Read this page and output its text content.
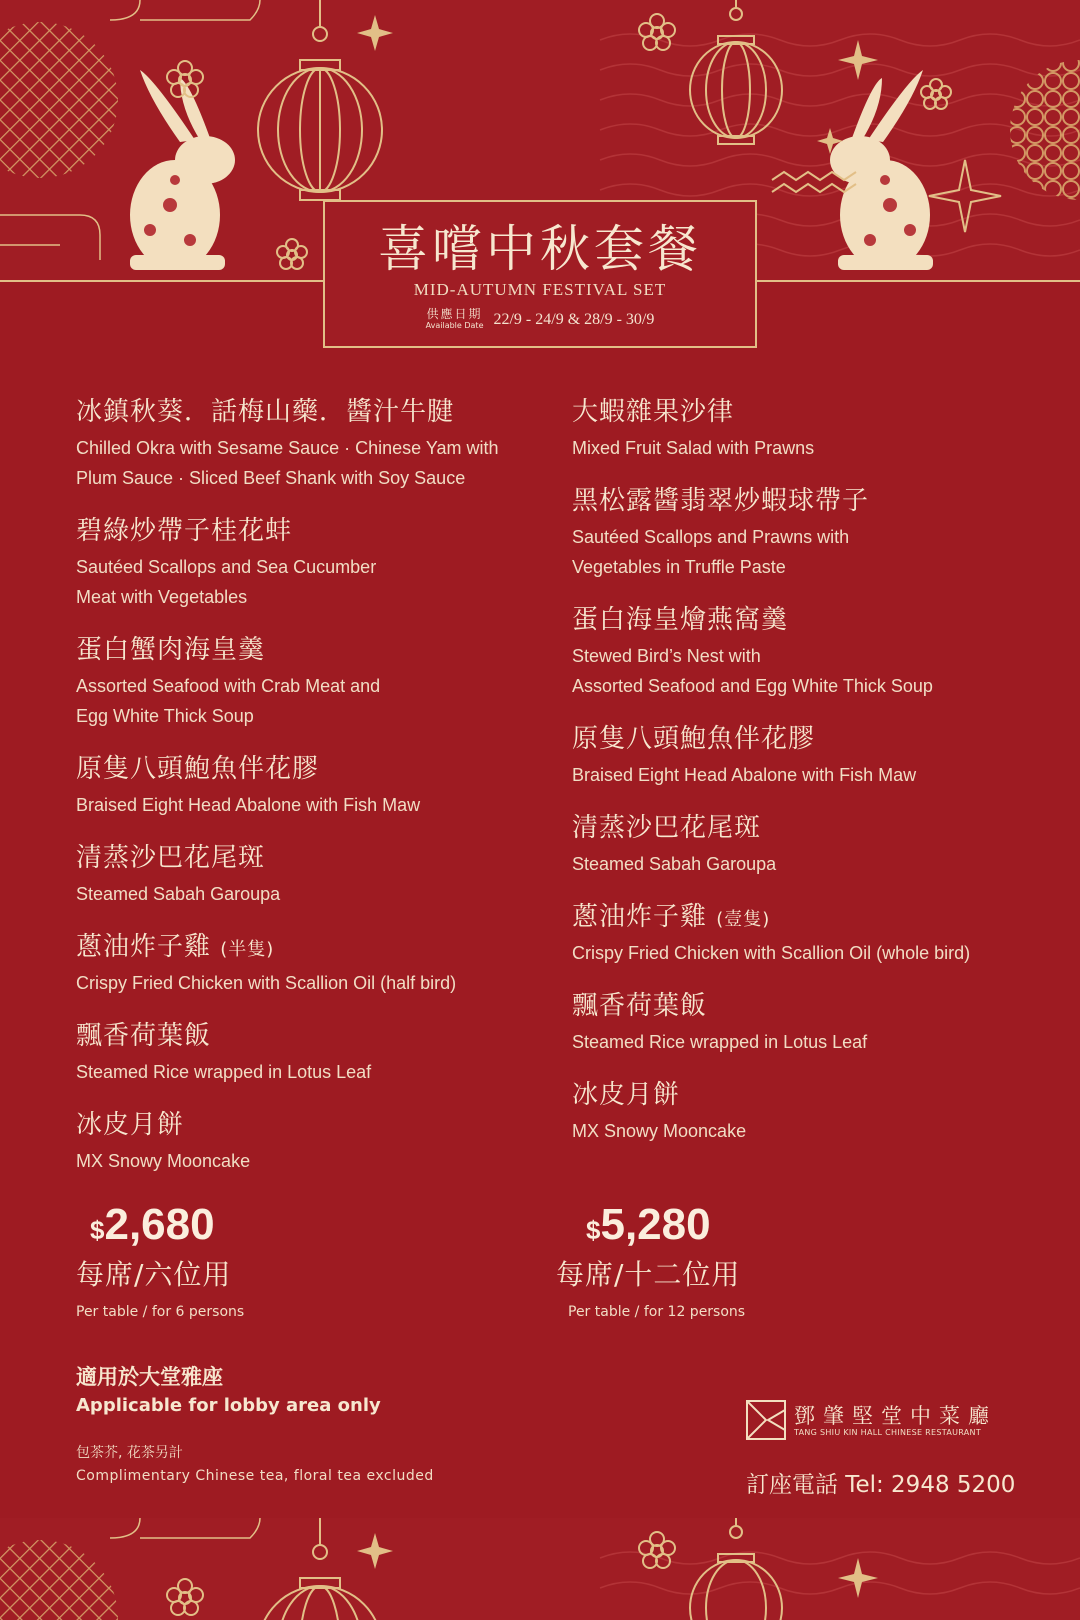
喜嚐中秋套餐
MID-AUTUMN FESTIVAL SET
供應日期
Available Date 22/9 - 24/9 & 28/9 - 30/9
冰鎮秋葵．話梅山藥．醬汁牛腱
Chilled Okra with Sesame Sauce · Chinese Yam with
Plum Sauce · Sliced Beef Shank with Soy Sauce
碧綠炒帶子桂花蚌
Sautéed Scallops and Sea Cucumber
Meat with Vegetables
蛋白蟹肉海皇羹
Assorted Seafood with Crab Meat and
Egg White Thick Soup
原隻八頭鮑魚伴花膠
Braised Eight Head Abalone with Fish Maw
清蒸沙巴花尾斑
Steamed Sabah Garoupa
蔥油炸子雞 (半隻)
Crispy Fried Chicken with Scallion Oil (half bird)
飄香荷葉飯
Steamed Rice wrapped in Lotus Leaf
冰皮月餅
MX Snowy Mooncake
大蝦雜果沙律
Mixed Fruit Salad with Prawns
黑松露醬翡翠炒蝦球帶子
Sautéed Scallops and Prawns with
Vegetables in Truffle Paste
蛋白海皇燴燕窩羹
Stewed Bird’s Nest with
Assorted Seafood and Egg White Thick Soup
原隻八頭鮑魚伴花膠
Braised Eight Head Abalone with Fish Maw
清蒸沙巴花尾斑
Steamed Sabah Garoupa
蔥油炸子雞 (壹隻)
Crispy Fried Chicken with Scallion Oil (whole bird)
飄香荷葉飯
Steamed Rice wrapped in Lotus Leaf
冰皮月餅
MX Snowy Mooncake
$2,680
每席/六位用
Per table / for 6 persons
$5,280
每席/十二位用
Per table / for 12 persons
適用於大堂雅座
Applicable for lobby area only
包茶芥, 花茶另計
Complimentary Chinese tea, floral tea excluded
鄧肇堅堂中菜廳
TANG SHIU KIN HALL CHINESE RESTAURANT
訂座電話 Tel: 2948 5200
